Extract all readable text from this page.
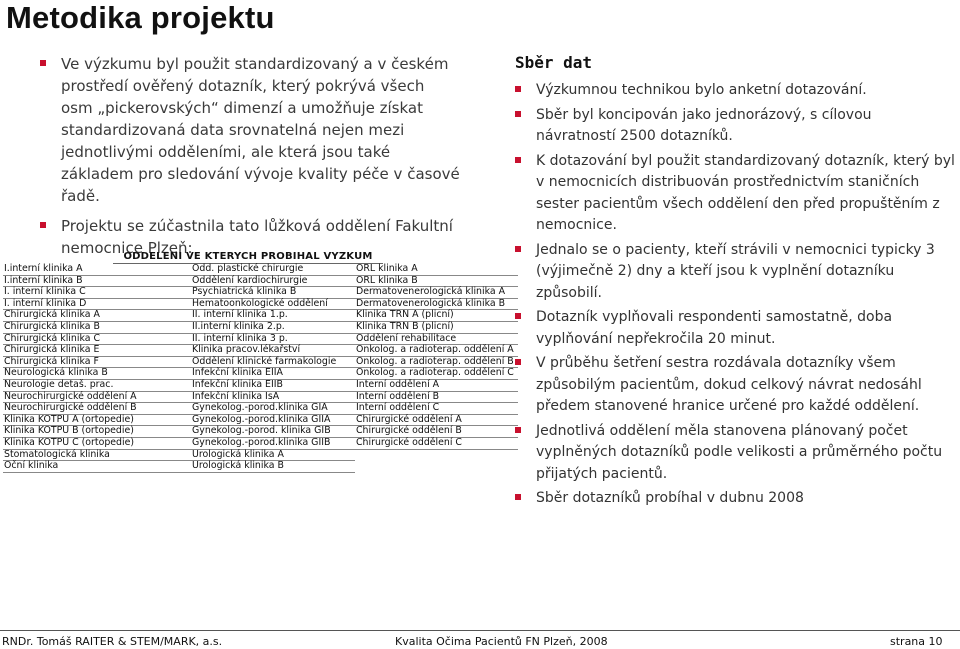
Metodika projektu
Ve výzkumu byl použit standardizovaný a v českém prostředí ověřený dotazník, který pokrývá všech osm „pickerovských“ dimenzí a umožňuje získat standardizovaná data srovnatelná nejen mezi jednotlivými odděleními, ale která jsou také základem pro sledování vývoje kvality péče v časové řadě.
Projektu se zúčastnila tato lůžková oddělení Fakultní nemocnice Plzeň:
ODDELENI VE KTERYCH PROBIHAL VYZKUM
I.interní klinika A	Odd. plastické chirurgie	ORL klinika A
I.interní klinika B	Oddělení kardiochirurgie	ORL klinika B
I. interní klinika C	Psychiatrická klinika B	Dermatovenerologická klinika A
I. interní klinika D	Hematoonkologické oddělení	Dermatovenerologická klinika B
Chirurgická klinika A	II. interní klinika 1.p.	Klinika TRN A (plicní)
Chirurgická klinika B	II.interní klinika 2.p.	Klinika TRN B (plicní)
Chirurgická klinika C	II. interní klinika 3 p.	Oddělení rehabilitace
Chirurgická klinika E	Klinika pracov.lékařství	Onkolog. a radioterap. oddělení A
Chirurgická klinika F	Oddělení klinické farmakologie	Onkolog. a radioterap. oddělení B
Neurologická klinika B	Infekční klinika EIIA	Onkolog. a radioterap. oddělení C
Neurologie detaš. prac.	Infekční klinika EIIB	Interní oddělení A
Neurochirurgické oddělení A	Infekční klinika IsA	Interní oddělení B
Neurochirurgické oddělení B	Gynekolog.-porod.klinika GIA	Interní oddělení C
Klinika KOTPU A (ortopedie)	Gynekolog.-porod.klinika GIIA	Chirurgické oddělení A
Klinika KOTPU B (ortopedie)	Gynekolog.-porod. klinika GIB	Chirurgické oddělení B
Klinika KOTPU C (ortopedie)	Gynekolog.-porod.klinika GIIB	Chirurgické oddělení C
Stomatologická klinika	Urologická klinika A	
Oční klinika	Urologická klinika B	
Sběr dat
Výzkumnou technikou bylo anketní dotazování.
Sběr byl koncipován jako jednorázový, s cílovou návratností 2500 dotazníků.
K dotazování byl použit standardizovaný dotazník, který byl v nemocnicích distribuován prostřednictvím staničních sester pacientům všech oddělení den před propuštěním z nemocnice.
Jednalo se o pacienty, kteří strávili v nemocnici typicky 3 (výjimečně 2) dny a kteří jsou k vyplnění dotazníku způsobilí.
Dotazník vyplňovali respondenti samostatně, doba vyplňování nepřekročila 20 minut.
V průběhu šetření sestra rozdávala dotazníky všem způsobilým pacientům, dokud celkový návrat nedosáhl předem stanovené hranice určené pro každé oddělení.
Jednotlivá oddělení měla stanovena plánovaný počet vyplněných dotazníků podle velikosti a průměrného počtu přijatých pacientů.
Sběr dotazníků probíhal v dubnu 2008
RNDr. Tomáš RAITER & STEM/MARK, a.s.	Kvalita Očima Pacientů FN Plzeň, 2008	strana 10
